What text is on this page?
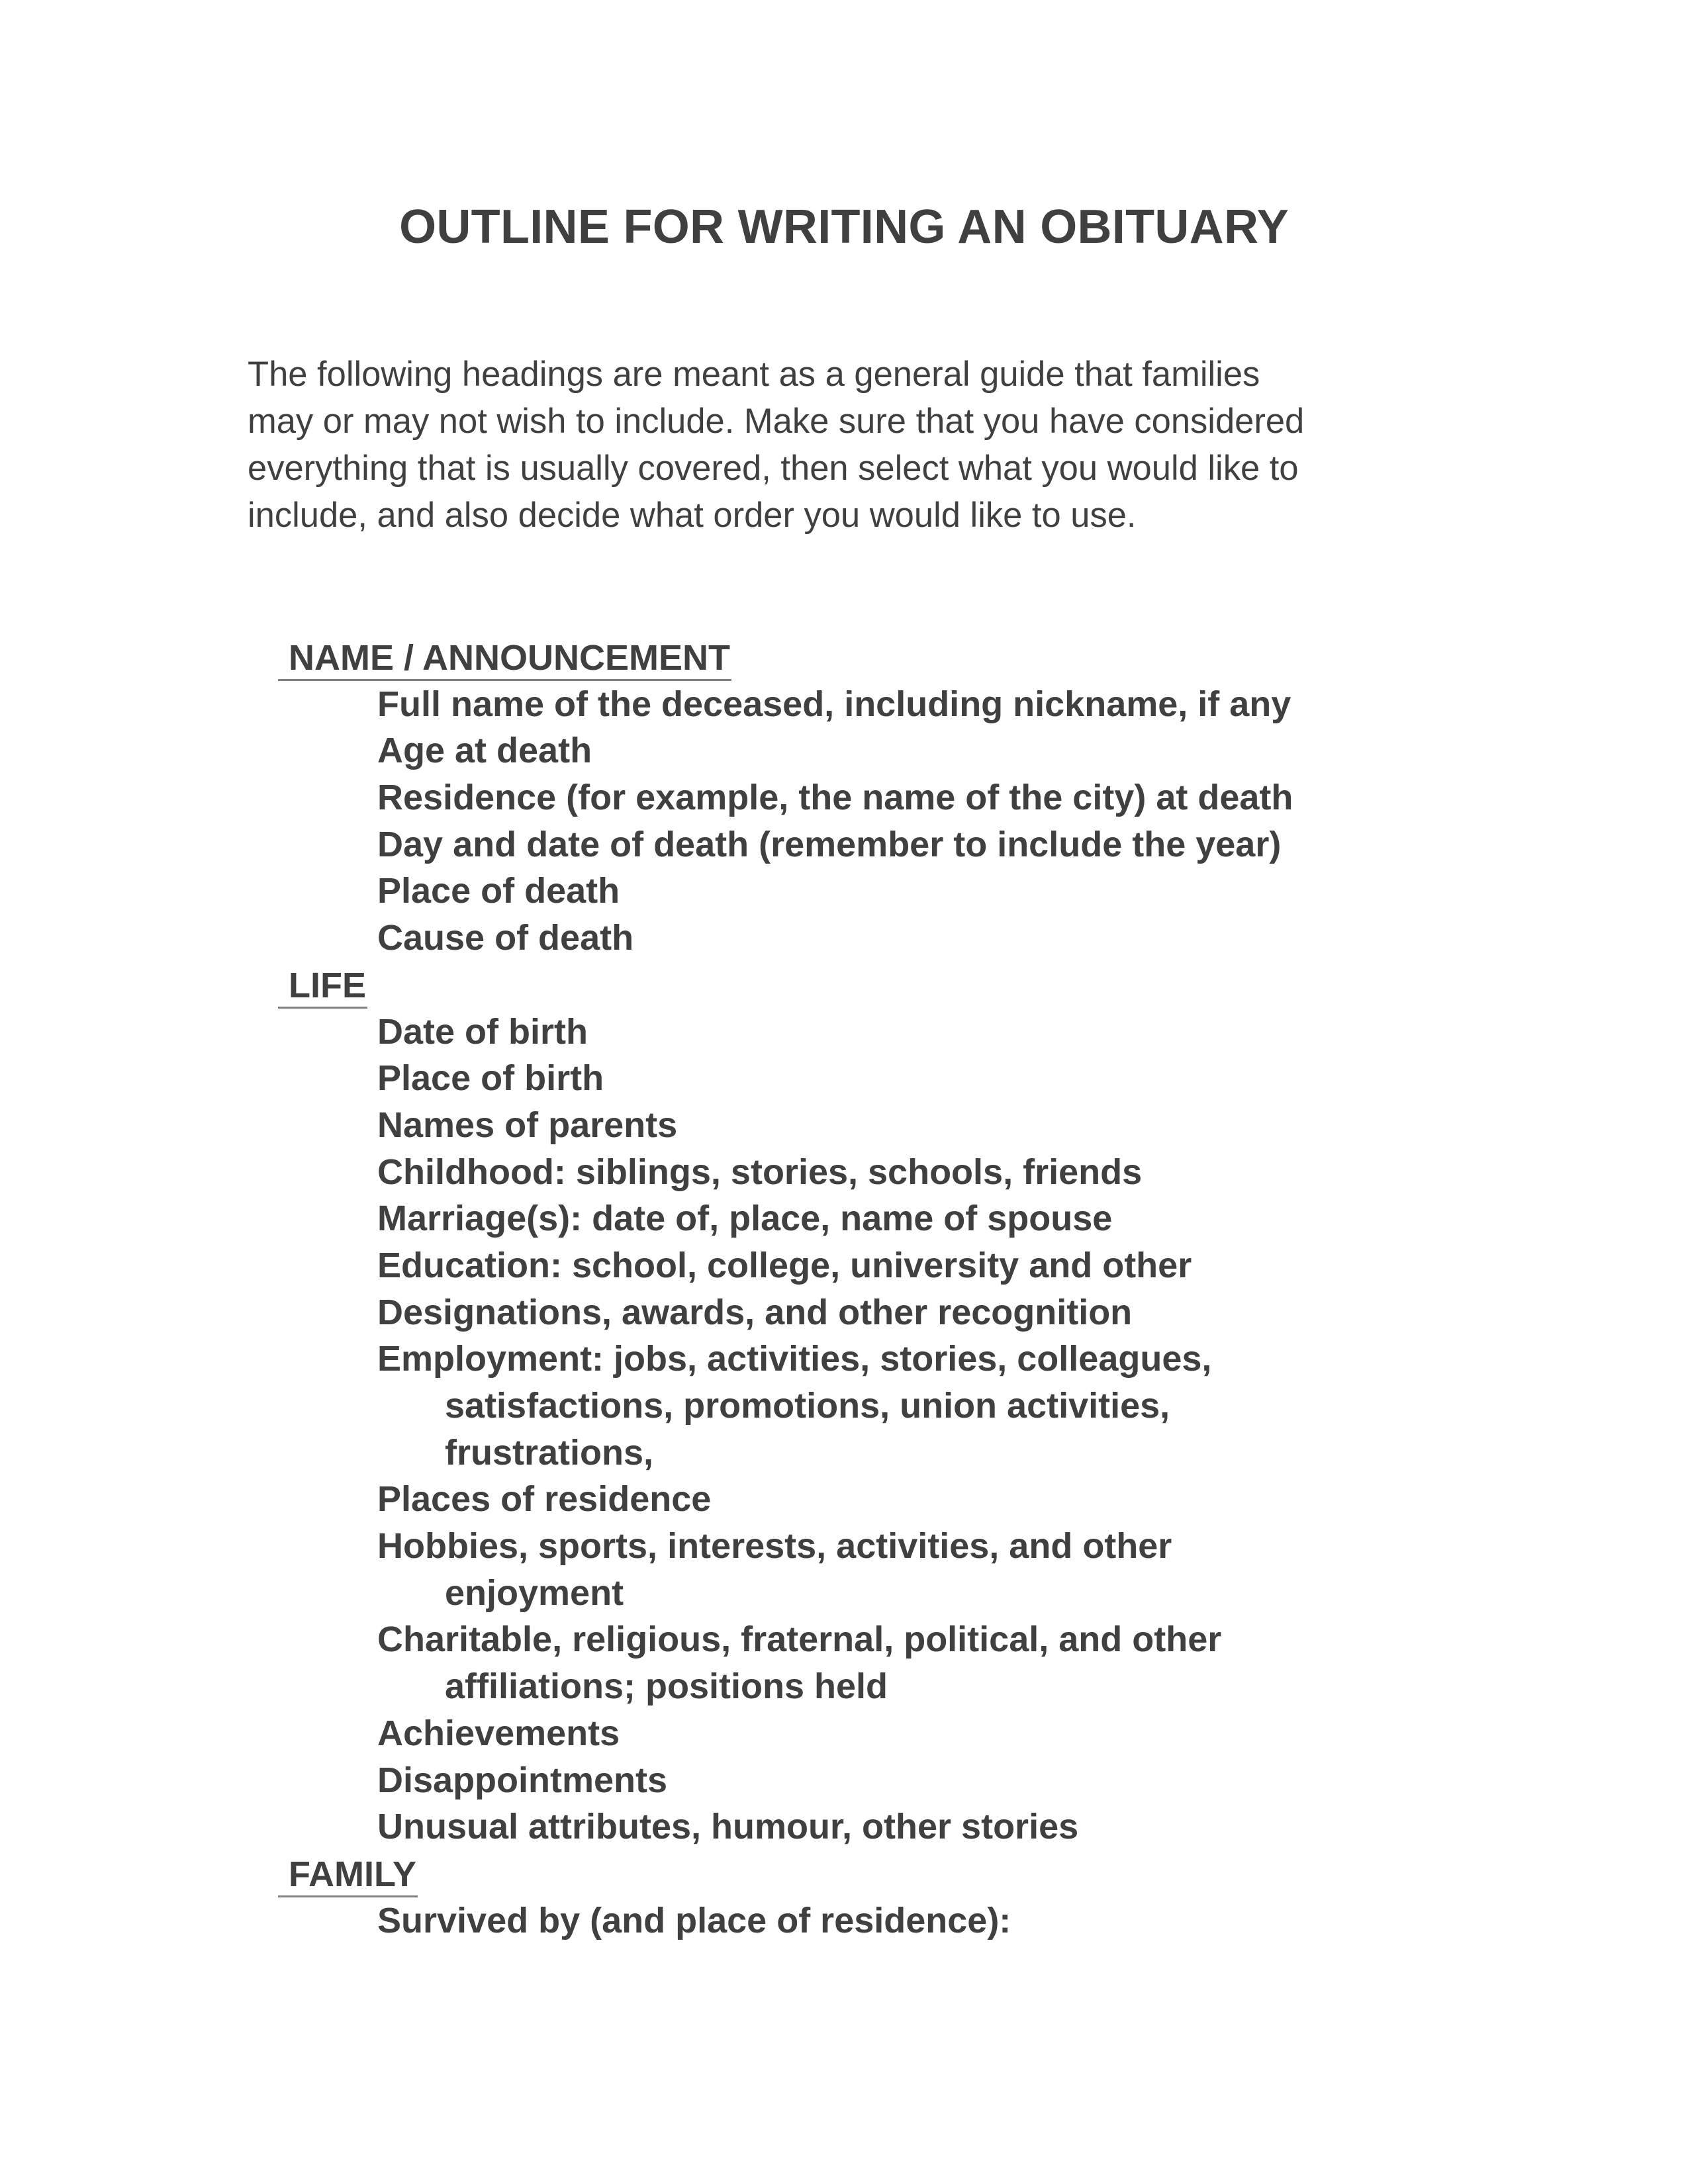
OUTLINE FOR WRITING AN OBITUARY

The following headings are meant as a general guide that families
may or may not wish to include. Make sure that you have considered
everything that is usually covered, then select what you would like to
include, and also decide what order you would like to use.

NAME / ANNOUNCEMENT
Full name of the deceased, including nickname, if any
Age at death
Residence (for example, the name of the city) at death
Day and date of death (remember to include the year)
Place of death
Cause of death
LIFE
Date of birth
Place of birth
Names of parents
Childhood: siblings, stories, schools, friends
Marriage(s): date of, place, name of spouse
Education: school, college, university and other
Designations, awards, and other recognition
Employment: jobs, activities, stories, colleagues,
satisfactions, promotions, union activities,
frustrations,
Places of residence
Hobbies, sports, interests, activities, and other
enjoyment
Charitable, religious, fraternal, political, and other
affiliations; positions held
Achievements
Disappointments
Unusual attributes, humour, other stories
FAMILY
Survived by (and place of residence):
